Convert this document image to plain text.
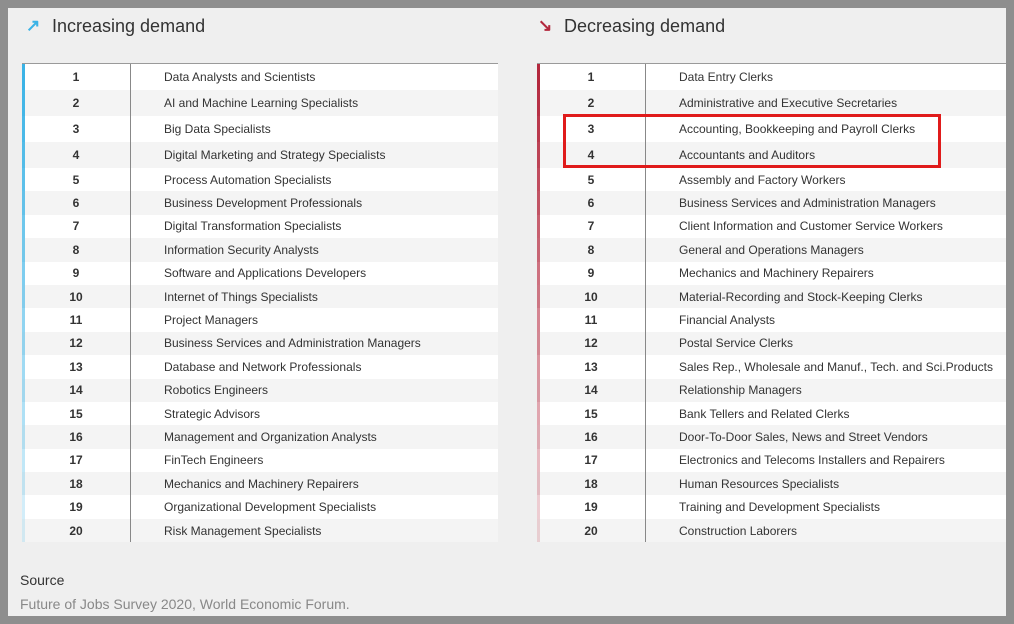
↗ Increasing demand	↘ Decreasing demand
1	Data Analysts and Scientists
2	AI and Machine Learning Specialists
3	Big Data Specialists
4	Digital Marketing and Strategy Specialists
5	Process Automation Specialists
6	Business Development Professionals
7	Digital Transformation Specialists
8	Information Security Analysts
9	Software and Applications Developers
10	Internet of Things Specialists
11	Project Managers
12	Business Services and Administration Managers
13	Database and Network Professionals
14	Robotics Engineers
15	Strategic Advisors
16	Management and Organization Analysts
17	FinTech Engineers
18	Mechanics and Machinery Repairers
19	Organizational Development Specialists
20	Risk Management Specialists
1	Data Entry Clerks
2	Administrative and Executive Secretaries
3	Accounting, Bookkeeping and Payroll Clerks
4	Accountants and Auditors
5	Assembly and Factory Workers
6	Business Services and Administration Managers
7	Client Information and Customer Service Workers
8	General and Operations Managers
9	Mechanics and Machinery Repairers
10	Material-Recording and Stock-Keeping Clerks
11	Financial Analysts
12	Postal Service Clerks
13	Sales Rep., Wholesale and Manuf., Tech. and Sci.Products
14	Relationship Managers
15	Bank Tellers and Related Clerks
16	Door-To-Door Sales, News and Street Vendors
17	Electronics and Telecoms Installers and Repairers
18	Human Resources Specialists
19	Training and Development Specialists
20	Construction Laborers
Source
Future of Jobs Survey 2020, World Economic Forum.
